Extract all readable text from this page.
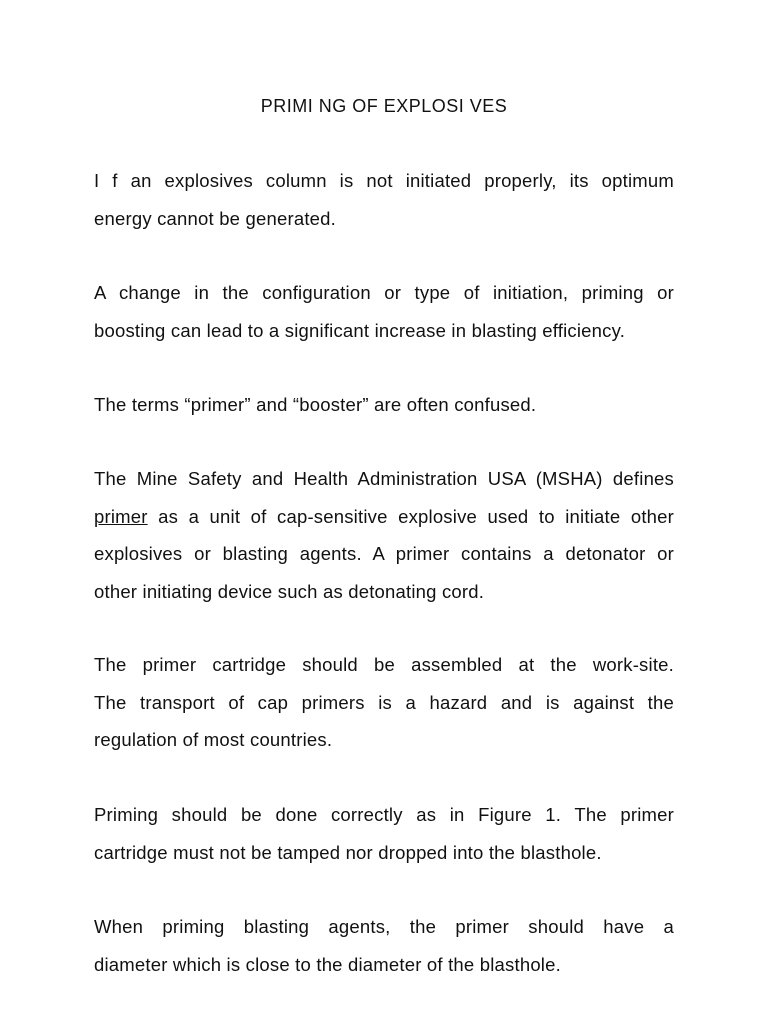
PRIMI NG OF EXPLOSI VES
I f an explosives column is not initiated properly, its optimum
energy cannot be generated.
A change in the configuration or type of initiation, priming or
boosting can lead to a significant increase in blasting efficiency.
The terms “primer” and “booster” are often confused.
The Mine Safety and Health Administration USA (MSHA) defines
primer as a unit of cap-sensitive explosive used to initiate other
explosives or blasting agents. A primer contains a detonator or
other initiating device such as detonating cord.
The primer cartridge should be assembled at the work-site.
The transport of cap primers is a hazard and is against the
regulation of most countries.
Priming should be done correctly as in Figure 1. The primer
cartridge must not be tamped nor dropped into the blasthole.
When priming blasting agents, the primer should have a
diameter which is close to the diameter of the blasthole.
